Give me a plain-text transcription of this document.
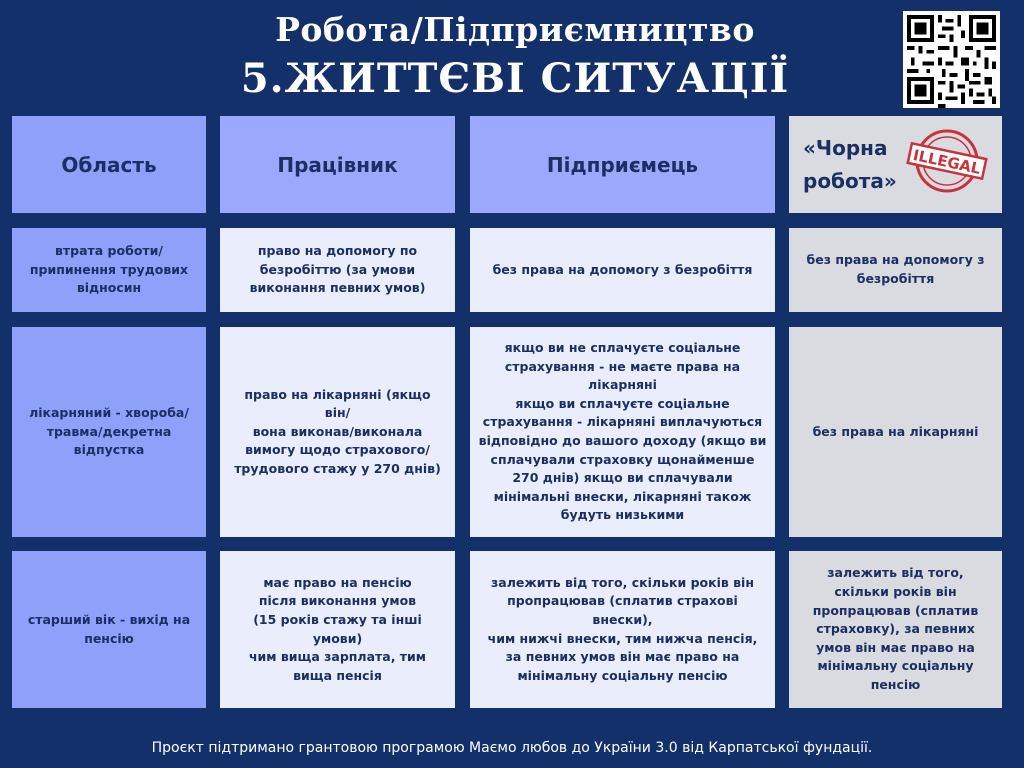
Робота/Підприємництво
5.ЖИТТЄВІ СИТУАЦІЇ
Область	Працівник	Підприємець
«Чорна
робота»
ILLEGAL
втрата роботи/
припинення трудових
відносин
право на допомогу по
безробіттю (за умови
виконання певних умов)
без права на допомогу з безробіття
без права на допомогу з
безробіття
лікарняний - хвороба/
травма/декретна
відпустка
право на лікарняні (якщо він/
вона виконав/виконала
вимогу щодо страхового/
трудового стажу у 270 днів)
якщо ви не сплачуєте соціальне
страхування - не маєте права на
лікарняні
якщо ви сплачуєте соціальне
страхування - лікарняні виплачуються
відповідно до вашого доходу (якщо ви
сплачували страховку щонайменше
270 днів) якщо ви сплачували
мінімальні внески, лікарняні також
будуть низькими
без права на лікарняні
старший вік - вихід на
пенсію
має право на пенсію
після виконання умов
(15 років стажу та інші
умови)
чим вища зарплата, тим
вища пенсія
залежить від того, скільки років він
пропрацював (сплатив страхові
внески),
чим нижчі внески, тим нижча пенсія,
за певних умов він має право на
мінімальну соціальну пенсію
залежить від того,
скільки років він
пропрацював (сплатив
страховку), за певних
умов він має право на
мінімальну соціальну
пенсію
Проєкт підтримано грантовою програмою Маємо любов до України 3.0 від Карпатської фундації.
